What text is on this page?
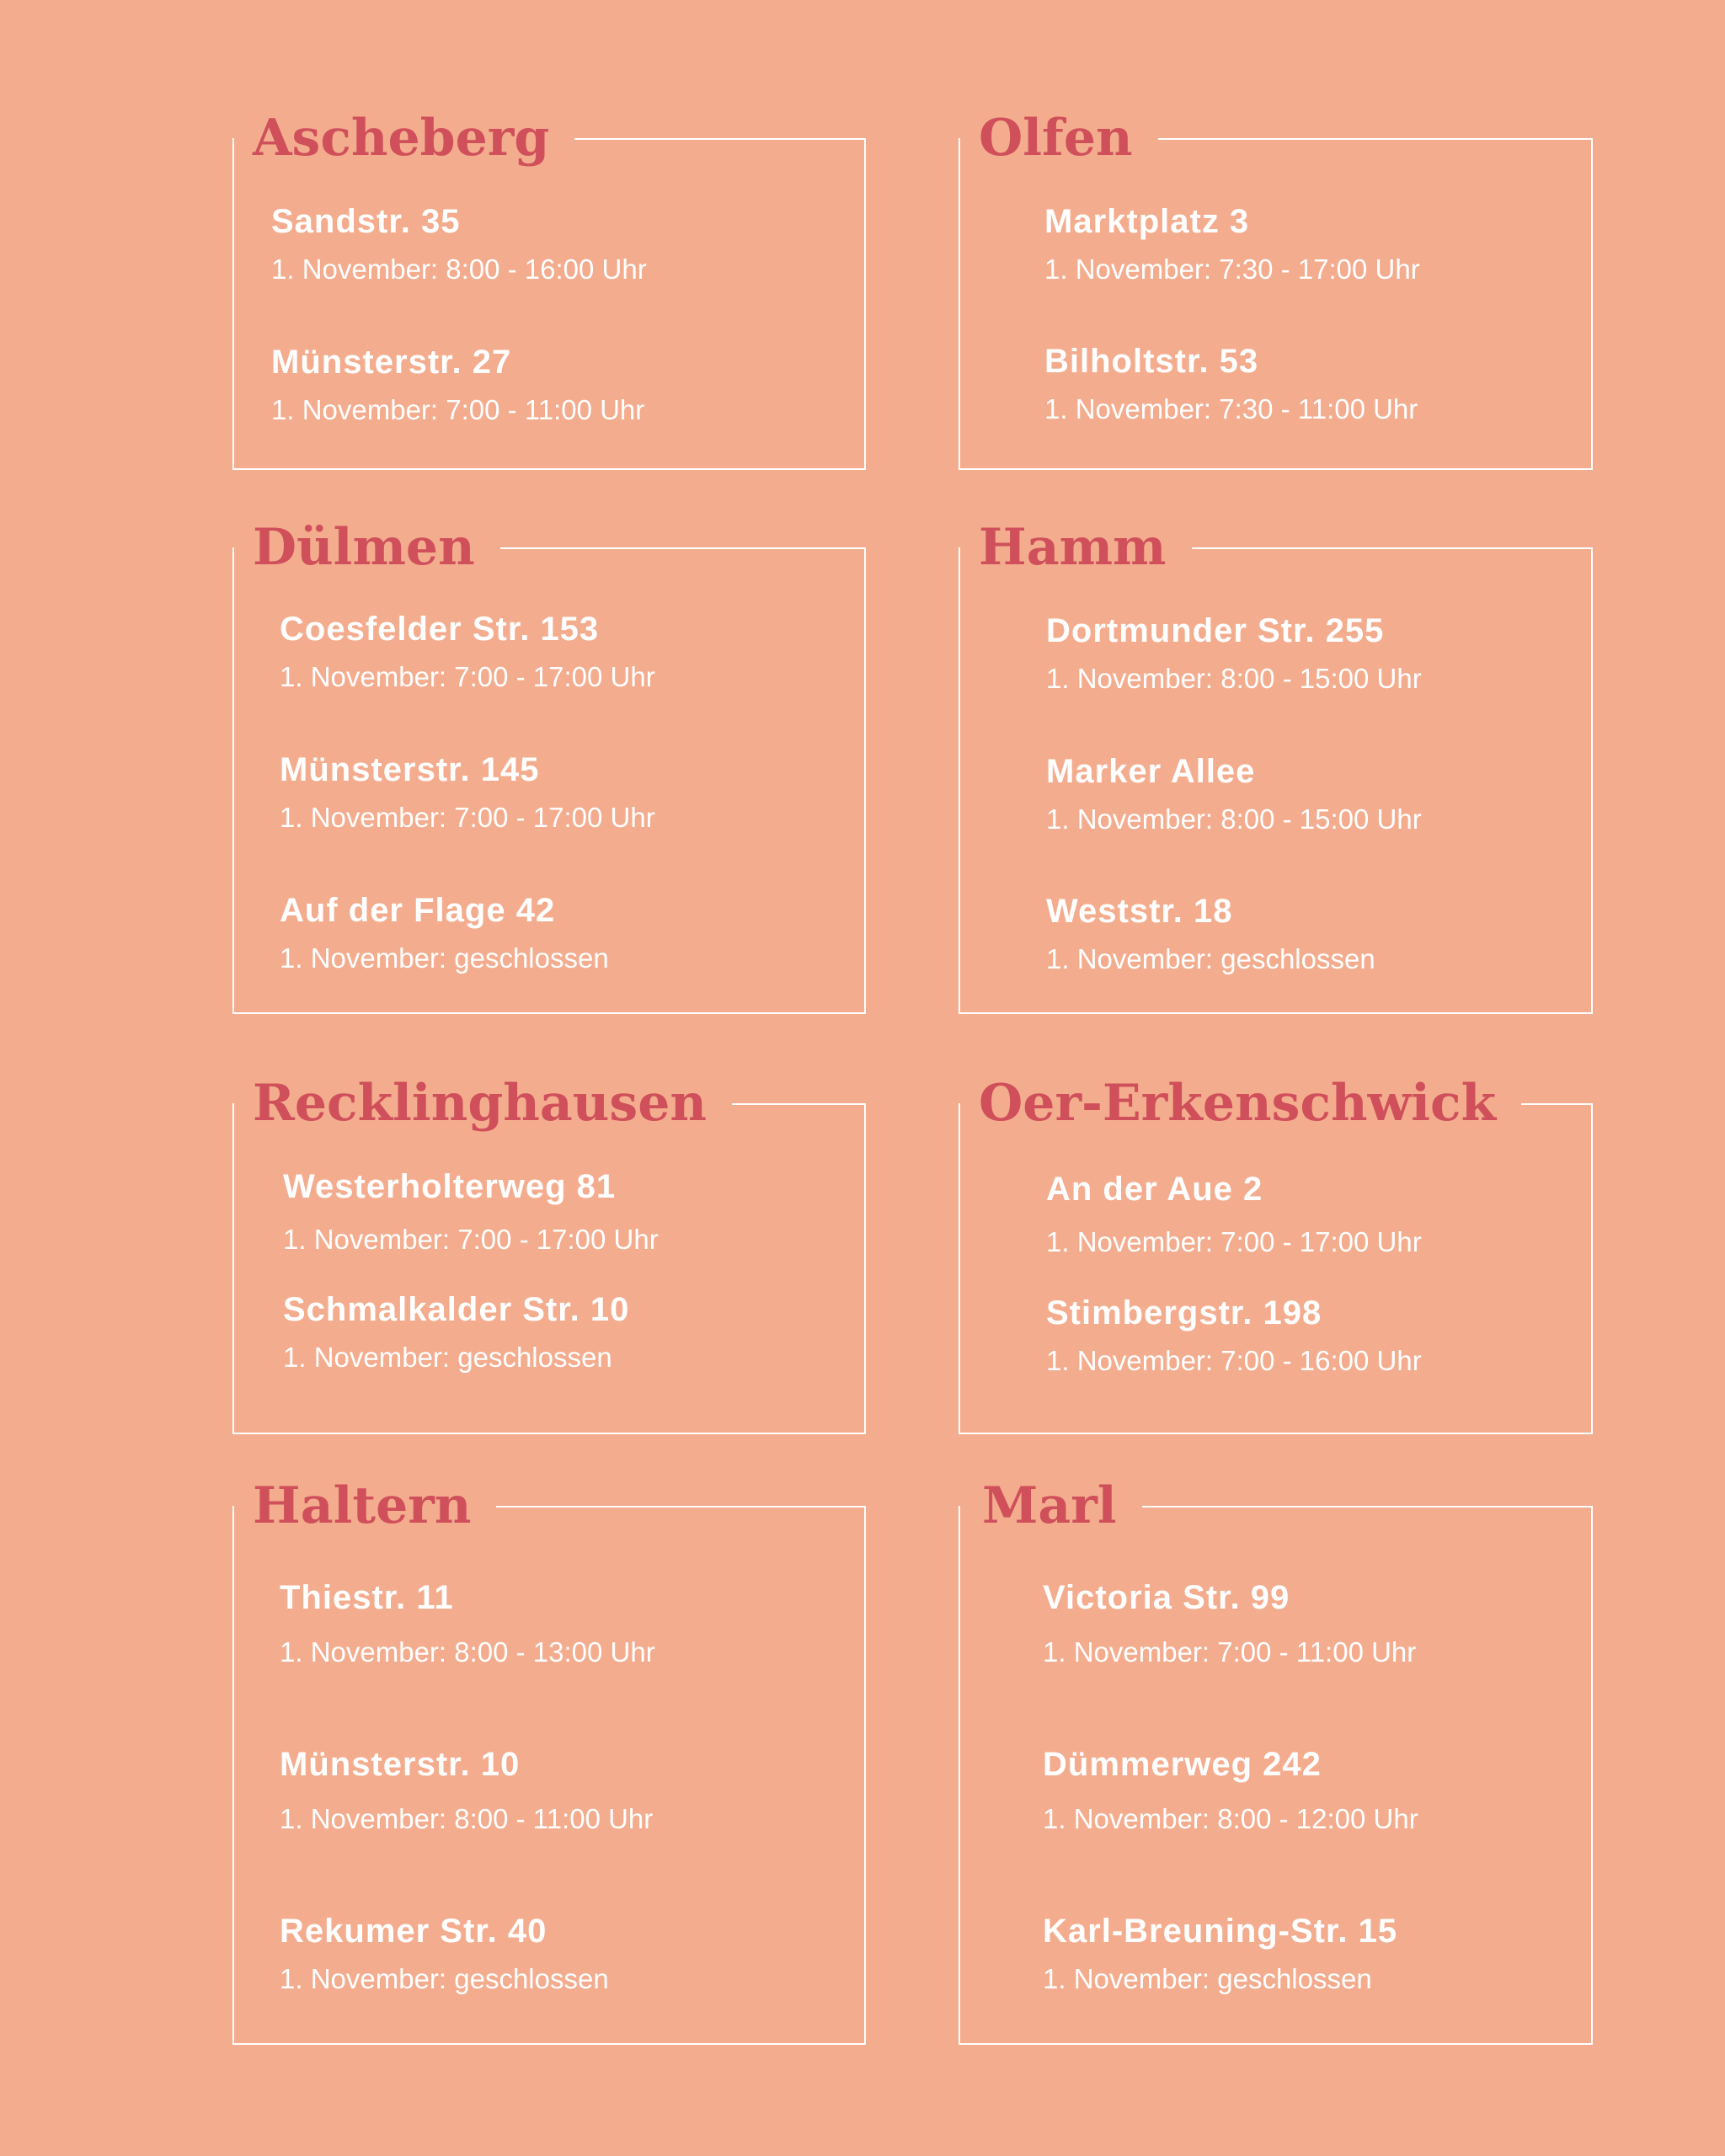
Ascheberg
Sandstr. 35
1. November: 8:00 - 16:00 Uhr
Münsterstr. 27
1. November: 7:00 - 11:00 Uhr
Olfen
Marktplatz 3
1. November: 7:30 - 17:00 Uhr
Bilholtstr. 53
1. November: 7:30 - 11:00 Uhr
Dülmen
Coesfelder Str. 153
1. November: 7:00 - 17:00 Uhr
Münsterstr. 145
1. November: 7:00 - 17:00 Uhr
Auf der Flage 42
1. November: geschlossen
Hamm
Dortmunder Str. 255
1. November: 8:00 - 15:00 Uhr
Marker Allee
1. November: 8:00 - 15:00 Uhr
Weststr. 18
1. November: geschlossen
Recklinghausen
Westerholterweg 81
1. November: 7:00 - 17:00 Uhr
Schmalkalder Str. 10
1. November: geschlossen
Oer-Erkenschwick
An der Aue 2
1. November: 7:00 - 17:00 Uhr
Stimbergstr. 198
1. November: 7:00 - 16:00 Uhr
Haltern
Thiestr. 11
1. November: 8:00 - 13:00 Uhr
Münsterstr. 10
1. November: 8:00 - 11:00 Uhr
Rekumer Str. 40
1. November: geschlossen
Marl
Victoria Str. 99
1. November: 7:00 - 11:00 Uhr
Dümmerweg 242
1. November: 8:00 - 12:00 Uhr
Karl-Breuning-Str. 15
1. November: geschlossen
